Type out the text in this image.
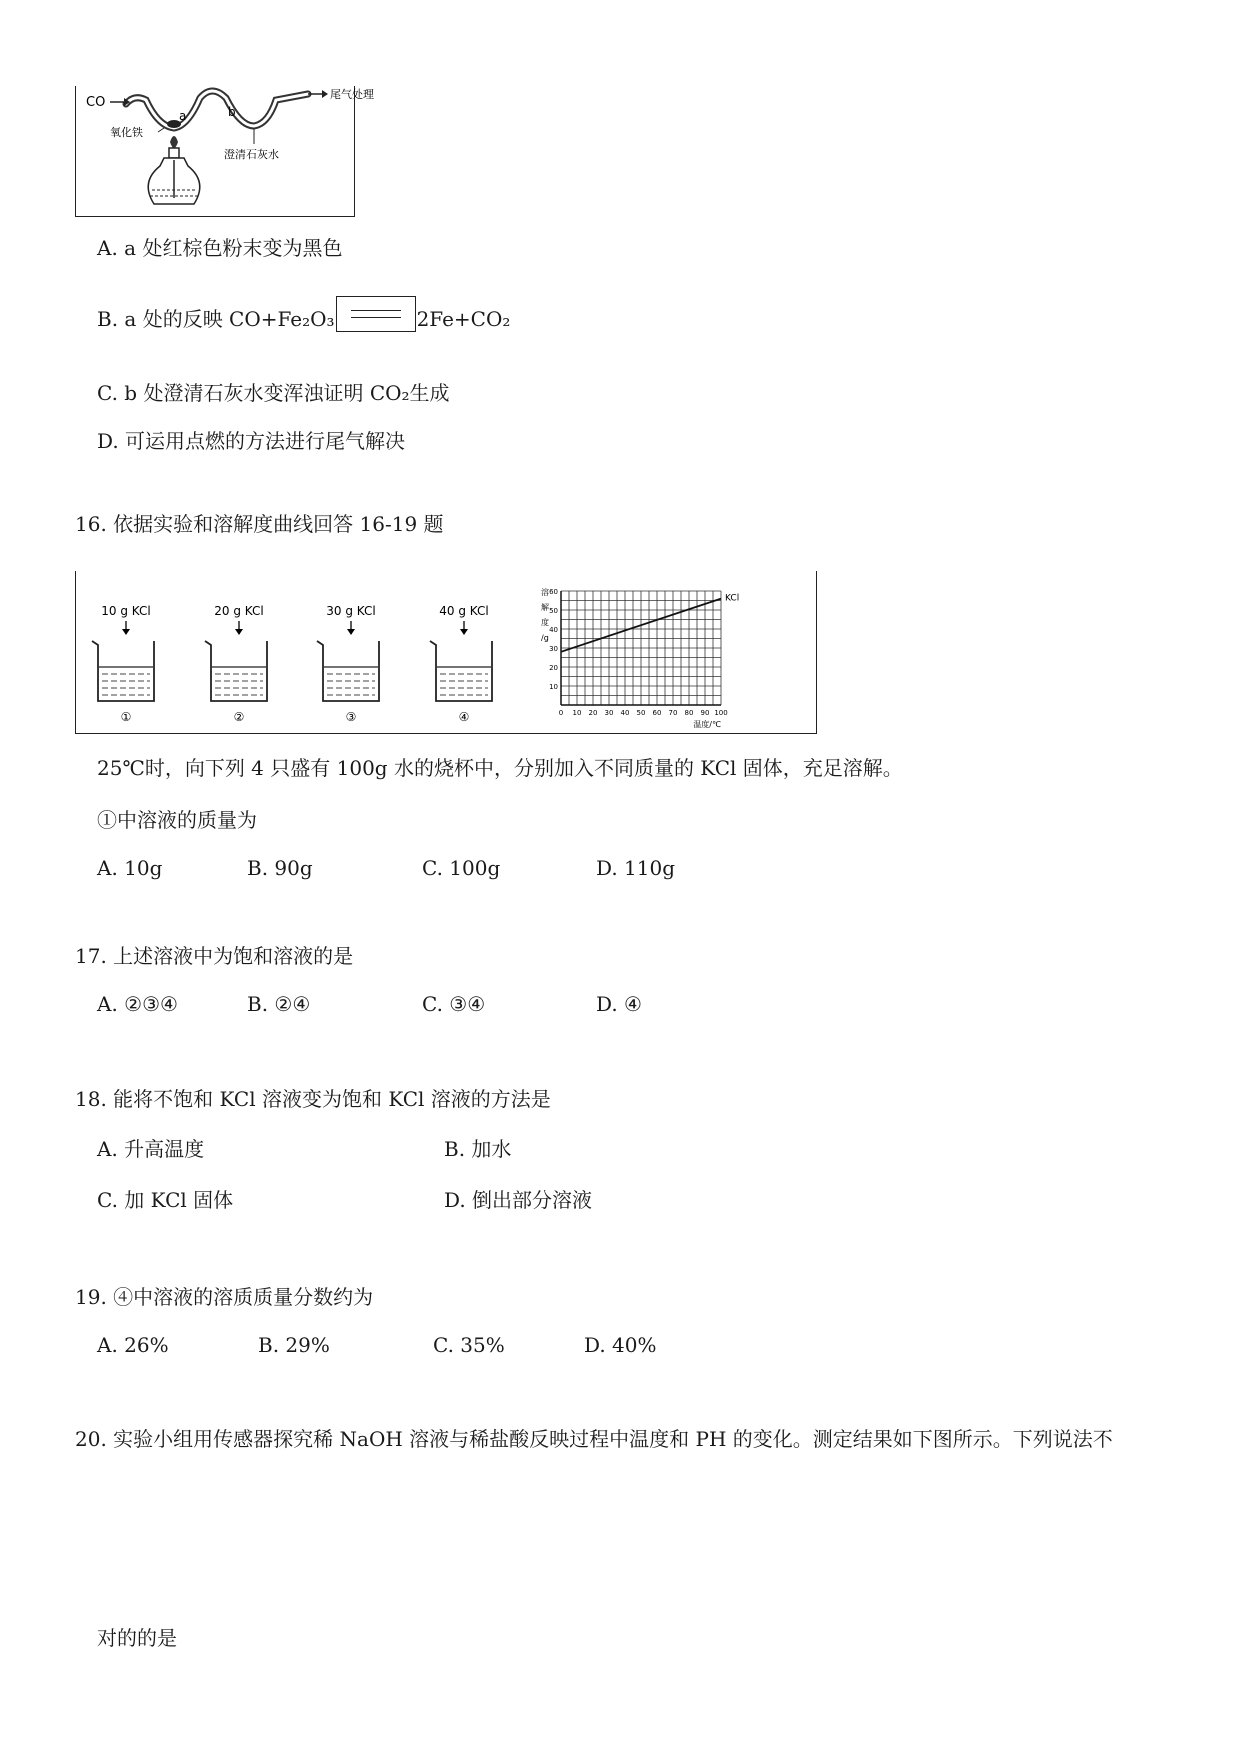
CO
a	b
尾气处理
氧化铁
澄清石灰水
A. a 处红棕色粉末变为黑色
B. a 处的反映 CO+Fe₂O₃	2Fe+CO₂
C. b 处澄清石灰水变浑浊证明 CO₂生成
D. 可运用点燃的方法进行尾气解决
16. 依据实验和溶解度曲线回答 16-19 题
10 g KCl
①
20 g KCl
②
30 g KCl
③
40 g KCl
④	0 10 20 30 40 50 60 70 80 90 100
10
20
30
40
50
60
溶
解
度
/g
温度/℃
KCl
25℃时，向下列 4 只盛有 100g 水的烧杯中，分别加入不同质量的 KCl 固体，充足溶解。
①中溶液的质量为
A. 10g	B. 90g	C. 100g	D. 110g
17. 上述溶液中为饱和溶液的是
A. ②③④	B. ②④	C. ③④	D. ④
18. 能将不饱和 KCl 溶液变为饱和 KCl 溶液的方法是
A. 升高温度	B. 加水
C. 加 KCl 固体	D. 倒出部分溶液
19. ④中溶液的溶质质量分数约为
A. 26%	B. 29%	C. 35%	D. 40%
20. 实验小组用传感器探究稀 NaOH 溶液与稀盐酸反映过程中温度和 PH 的变化。测定结果如下图所示。下列说法不
对的的是
